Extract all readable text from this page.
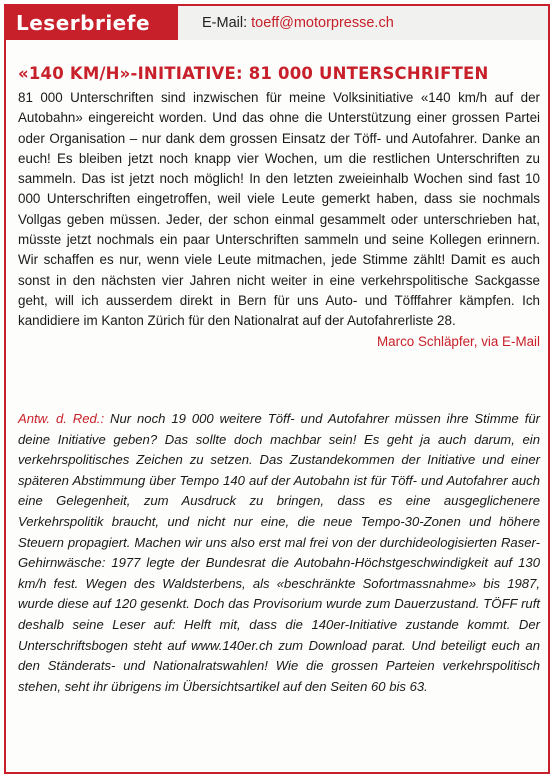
Leserbriefe	E-Mail: toeff@motorpresse.ch
«140 KM/H»-INITIATIVE: 81 000 UNTERSCHRIFTEN

81 000 Unterschriften sind inzwischen für meine Volksinitiative «140 km/h auf der Autobahn» eingereicht worden. Und das ohne die Unterstützung einer grossen Partei oder Organisation – nur dank dem grossen Einsatz der Töff- und Autofahrer. Danke an euch! Es bleiben jetzt noch knapp vier Wochen, um die restlichen Unterschriften zu sammeln. Das ist jetzt noch möglich! In den letzten zweieinhalb Wochen sind fast 10 000 Unterschriften eingetroffen, weil viele Leute gemerkt haben, dass sie nochmals Vollgas geben müssen. Jeder, der schon einmal gesammelt oder unterschrieben hat, müsste jetzt nochmals ein paar Unterschriften sammeln und seine Kollegen erinnern. Wir schaffen es nur, wenn viele Leute mitmachen, jede Stimme zählt! Damit es auch sonst in den nächsten vier Jahren nicht weiter in eine verkehrspolitische Sackgasse geht, will ich ausserdem direkt in Bern für uns Auto- und Töfffahrer kämpfen. Ich kandidiere im Kanton Zürich für den Nationalrat auf der Autofahrerliste 28.
Marco Schläpfer, via E-Mail

Antw. d. Red.: Nur noch 19 000 weitere Töff- und Autofahrer müssen ihre Stimme für deine Initiative geben? Das sollte doch machbar sein! Es geht ja auch darum, ein verkehrspolitisches Zeichen zu setzen. Das Zustandekommen der Initiative und einer späteren Abstimmung über Tempo 140 auf der Autobahn ist für Töff- und Autofahrer auch eine Gelegenheit, zum Ausdruck zu bringen, dass es eine ausgeglichenere Verkehrspolitik braucht, und nicht nur eine, die neue Tempo-30-Zonen und höhere Steuern propagiert. Machen wir uns also erst mal frei von der durchideologisierten Raser-Gehirnwäsche: 1977 legte der Bundesrat die Autobahn-Höchstgeschwindigkeit auf 130 km/h fest. Wegen des Waldsterbens, als «beschränkte Sofortmassnahme» bis 1987, wurde diese auf 120 gesenkt. Doch das Provisorium wurde zum Dauerzustand. TÖFF ruft deshalb seine Leser auf: Helft mit, dass die 140er-Initiative zustande kommt. Der Unterschriftsbogen steht auf www.140er.ch zum Download parat. Und beteiligt euch an den Ständerats- und Nationalratswahlen! Wie die grossen Parteien verkehrspolitisch stehen, seht ihr übrigens im Übersichtsartikel auf den Seiten 60 bis 63.
